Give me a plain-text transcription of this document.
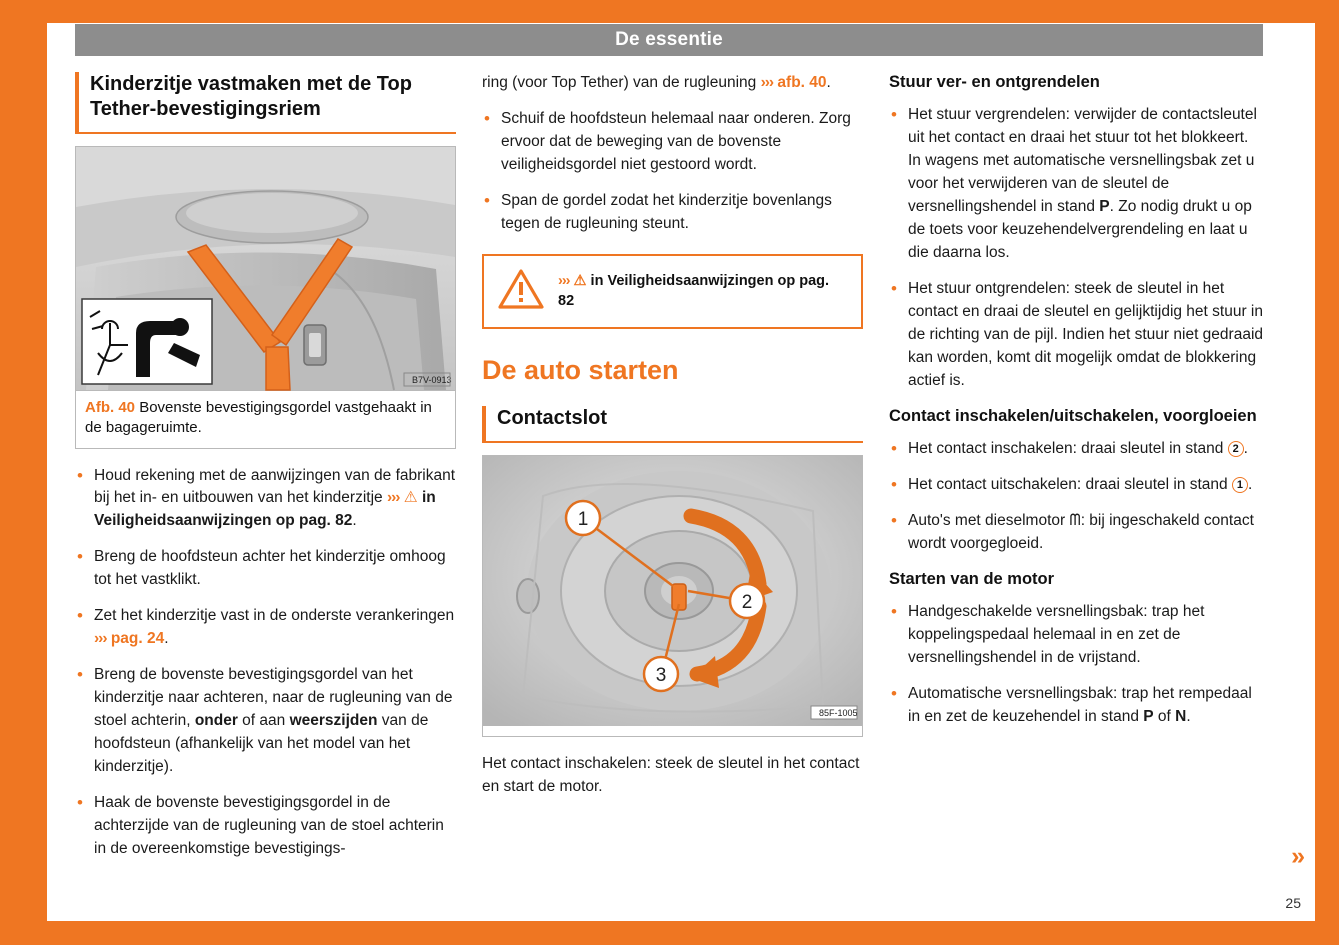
De essentie
Kinderzitje vastmaken met de Top Tether-bevestigingsriem
B7V-0913
Afb. 40 Bovenste bevestigingsgordel vastgehaakt in de bagageruimte.
• Houd rekening met de aanwijzingen van de fabrikant bij het in- en uitbouwen van het kinderzitje ››› ⚠ in Veiligheidsaanwijzingen op pag. 82.
• Breng de hoofdsteun achter het kinderzitje omhoog tot het vastklikt.
• Zet het kinderzitje vast in de onderste verankeringen ››› pag. 24.
• Breng de bovenste bevestigingsgordel van het kinderzitje naar achteren, naar de rugleuning van de stoel achterin, onder of aan weerszijden van de hoofdsteun (afhankelijk van het model van het kinderzitje).
• Haak de bovenste bevestigingsgordel in de achterzijde van de rugleuning van de stoel achterin in de overeenkomstige bevestigings-

ring (voor Top Tether) van de rugleuning ››› afb. 40.

• Schuif de hoofdsteun helemaal naar onderen. Zorg ervoor dat de beweging van de bovenste veiligheidsgordel niet gestoord wordt.
• Span de gordel zodat het kinderzitje bovenlangs tegen de rugleuning steunt.
››› ⚠ in Veiligheidsaanwijzingen op pag. 82
De auto starten
Contactslot
1
2
3
85F-1005

Het contact inschakelen: steek de sleutel in het contact en start de motor.

Stuur ver- en ontgrendelen
• Het stuur vergrendelen: verwijder de contactsleutel uit het contact en draai het stuur tot het blokkeert. In wagens met automatische versnellingsbak zet u voor het verwijderen van de sleutel de versnellingshendel in stand P. Zo nodig drukt u op de toets voor keuzehendelvergrendeling en laat u die daarna los.
• Het stuur ontgrendelen: steek de sleutel in het contact en draai de sleutel en gelijktijdig het stuur in de richting van de pijl. Indien het stuur niet gedraaid kan worden, komt dit mogelijk omdat de blokkering actief is.
Contact inschakelen/uitschakelen, voorgloeien
• Het contact inschakelen: draai sleutel in stand 2 .
• Het contact uitschakelen: draai sleutel in stand 1 .
• Auto's met dieselmotor ᗰ: bij ingeschakeld contact wordt voorgegloeid.
Starten van de motor
• Handgeschakelde versnellingsbak: trap het koppelingspedaal helemaal in en zet de versnellingshendel in de vrijstand.
• Automatische versnellingsbak: trap het rempedaal in en zet de keuzehendel in stand P of N.
»
25
